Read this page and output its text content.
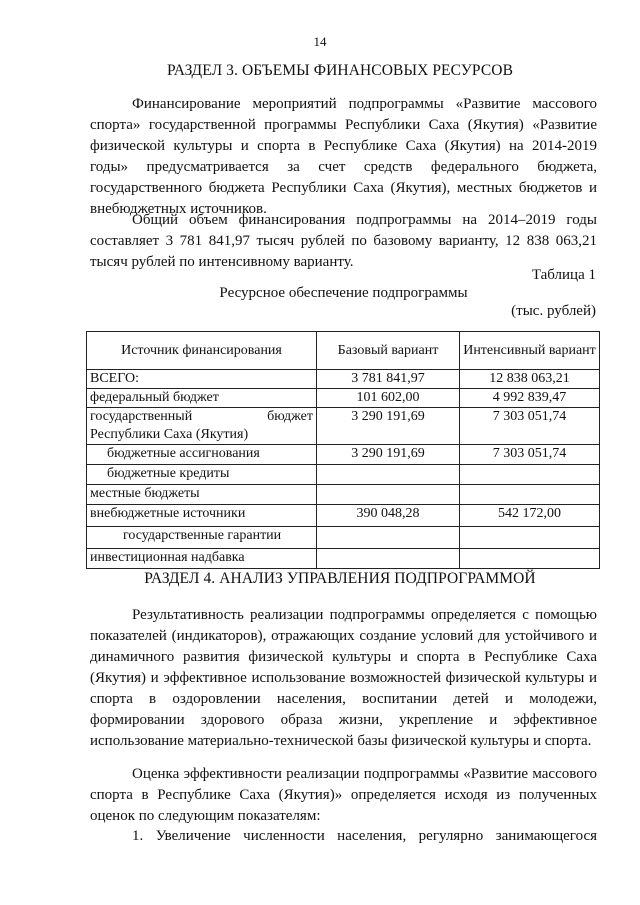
14
РАЗДЕЛ 3. ОБЪЕМЫ ФИНАНСОВЫХ РЕСУРСОВ

Финансирование мероприятий подпрограммы «Развитие массового спорта» государственной программы Республики Саха (Якутия) «Развитие физической культуры и спорта в Республике Саха (Якутия) на 2014-2019 годы» предусматривается за счет средств федерального бюджета, государственного бюджета Республики Саха (Якутия), местных бюджетов и внебюджетных источников.

Общий объем финансирования подпрограммы на 2014–2019 годы составляет 3 781 841,97 тысяч рублей по базовому варианту, 12 838 063,21 тысяч рублей по интенсивному варианту.

Таблица 1
Ресурсное обеспечение подпрограммы
(тыс. рублей)
Источник финансирования	Базовый вариант	Интенсивный вариант
ВСЕГО:	3 781 841,97	12 838 063,21
федеральный бюджет	101 602,00	4 992 839,47

государственный бюджет
Республики Саха (Якутия)	3 290 191,69	7 303 051,74
бюджетные ассигнования	3 290 191,69	7 303 051,74
бюджетные кредиты		
местные бюджеты		
внебюджетные источники	390 048,28	542 172,00
государственные гарантии		
инвестиционная надбавка		
РАЗДЕЛ 4. АНАЛИЗ УПРАВЛЕНИЯ ПОДПРОГРАММОЙ

Результативность реализации подпрограммы определяется с помощью показателей (индикаторов), отражающих создание условий для устойчивого и динамичного развития физической культуры и спорта в Республике Саха (Якутия) и эффективное использование возможностей физической культуры и спорта в оздоровлении населения, воспитании детей и молодежи, формировании здорового образа жизни, укрепление и эффективное использование материально-технической базы физической культуры и спорта.

Оценка эффективности реализации подпрограммы «Развитие массового спорта в Республике Саха (Якутия)» определяется исходя из полученных оценок по следующим показателям:

1. Увеличение численности населения, регулярно занимающегося
